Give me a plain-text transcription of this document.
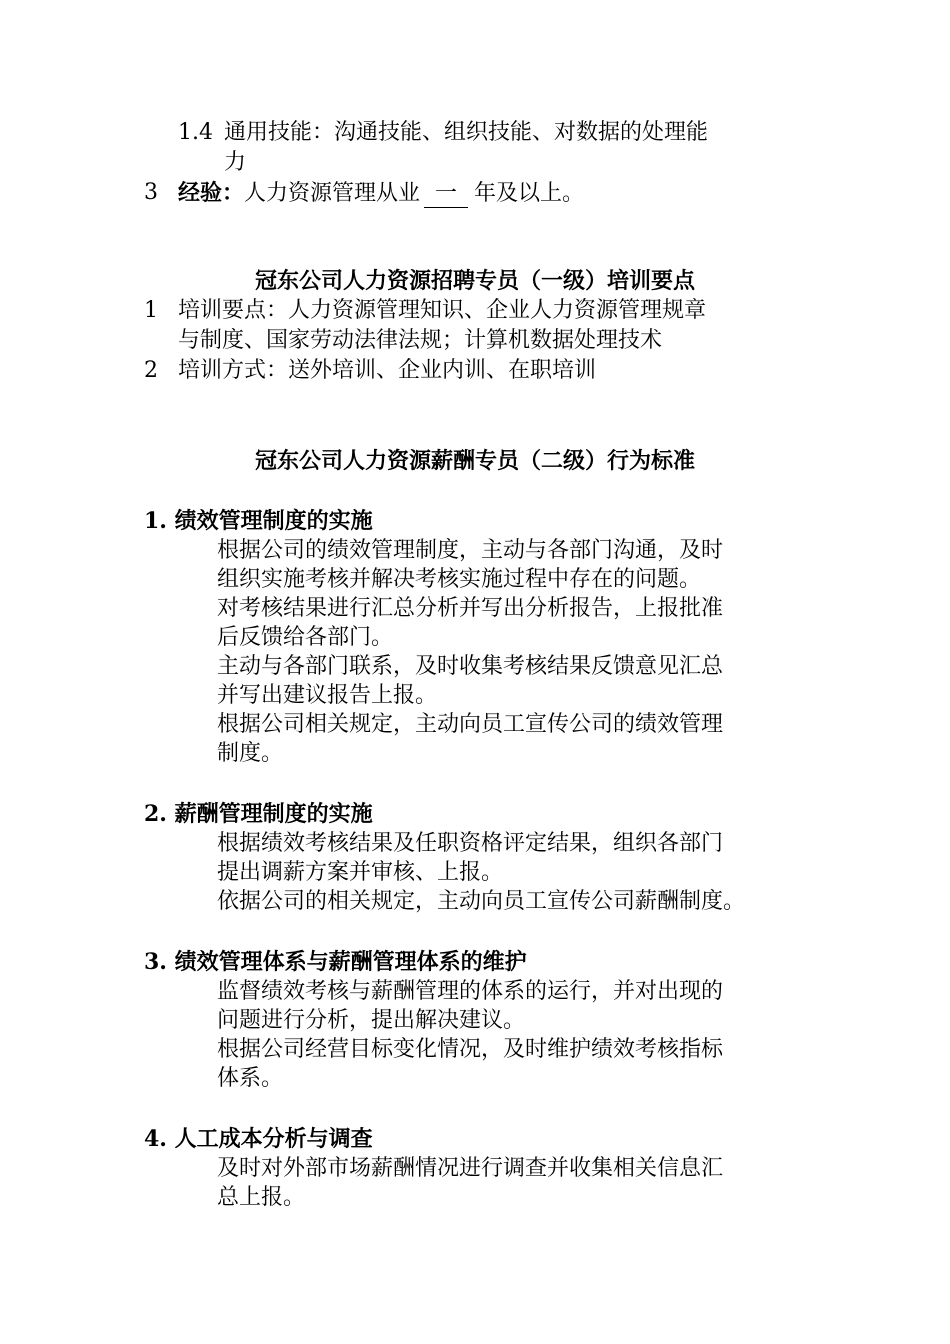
1.4 通用技能：沟通技能、组织技能、对数据的处理能
力
3 经验：人力资源管理从业 一 年及以上。
冠东公司人力资源招聘专员（一级）培训要点
1 培训要点：人力资源管理知识、企业人力资源管理规章
与制度、国家劳动法律法规；计算机数据处理技术
2 培训方式：送外培训、企业内训、在职培训
冠东公司人力资源薪酬专员（二级）行为标准
1. 绩效管理制度的实施
根据公司的绩效管理制度，主动与各部门沟通，及时
组织实施考核并解决考核实施过程中存在的问题。
对考核结果进行汇总分析并写出分析报告，上报批准
后反馈给各部门。
主动与各部门联系，及时收集考核结果反馈意见汇总
并写出建议报告上报。
根据公司相关规定，主动向员工宣传公司的绩效管理
制度。
2. 薪酬管理制度的实施
根据绩效考核结果及任职资格评定结果，组织各部门
提出调薪方案并审核、上报。
依据公司的相关规定，主动向员工宣传公司薪酬制度。
3. 绩效管理体系与薪酬管理体系的维护
监督绩效考核与薪酬管理的体系的运行，并对出现的
问题进行分析，提出解决建议。
根据公司经营目标变化情况，及时维护绩效考核指标
体系。
4. 人工成本分析与调查
及时对外部市场薪酬情况进行调查并收集相关信息汇
总上报。
